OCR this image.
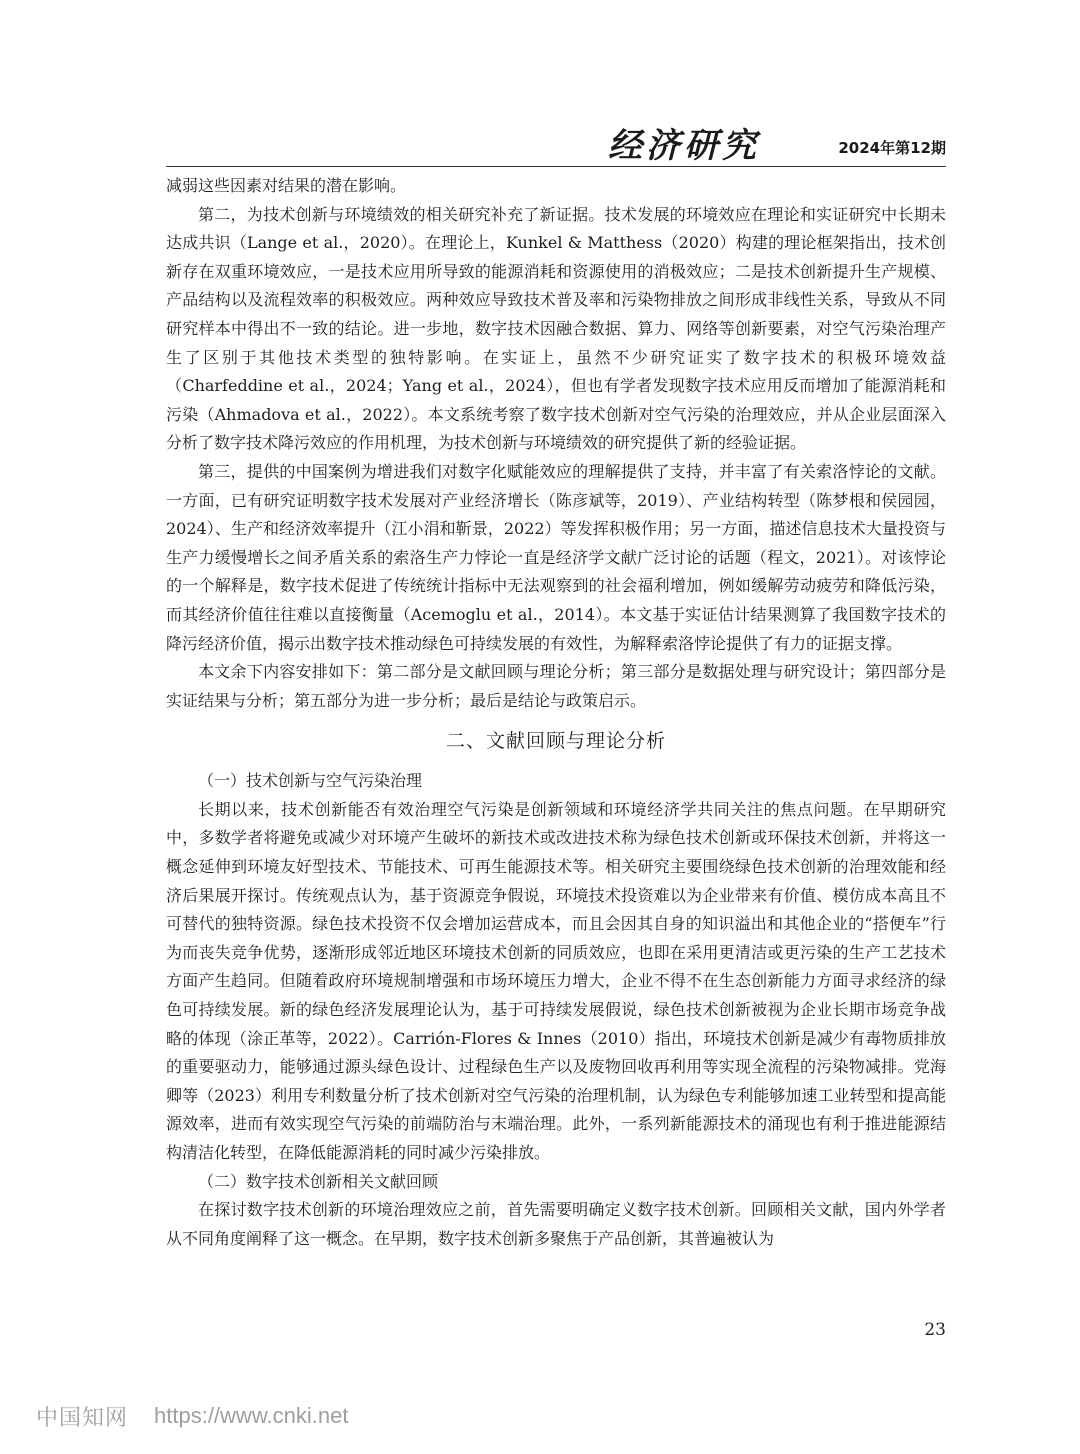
经济研究	2024年第12期

减弱这些因素对结果的潜在影响。

第二，为技术创新与环境绩效的相关研究补充了新证据。技术发展的环境效应在理论和实证研究中长期未达成共识（Lange et al.，2020）。在理论上，Kunkel & Matthess（2020）构建的理论框架指出，技术创新存在双重环境效应，一是技术应用所导致的能源消耗和资源使用的消极效应；二是技术创新提升生产规模、产品结构以及流程效率的积极效应。两种效应导致技术普及率和污染物排放之间形成非线性关系，导致从不同研究样本中得出不一致的结论。进一步地，数字技术因融合数据、算力、网络等创新要素，对空气污染治理产生了区别于其他技术类型的独特影响。在实证上，虽然不少研究证实了数字技术的积极环境效益（Charfeddine et al.，2024；Yang et al.，2024），但也有学者发现数字技术应用反而增加了能源消耗和污染（Ahmadova et al.，2022）。本文系统考察了数字技术创新对空气污染的治理效应，并从企业层面深入分析了数字技术降污效应的作用机理，为技术创新与环境绩效的研究提供了新的经验证据。

第三，提供的中国案例为增进我们对数字化赋能效应的理解提供了支持，并丰富了有关索洛悖论的文献。一方面，已有研究证明数字技术发展对产业经济增长（陈彦斌等，2019）、产业结构转型（陈梦根和侯园园，2024）、生产和经济效率提升（江小涓和靳景，2022）等发挥积极作用；另一方面，描述信息技术大量投资与生产力缓慢增长之间矛盾关系的索洛生产力悖论一直是经济学文献广泛讨论的话题（程文，2021）。对该悖论的一个解释是，数字技术促进了传统统计指标中无法观察到的社会福利增加，例如缓解劳动疲劳和降低污染，而其经济价值往往难以直接衡量（Acemoglu et al.，2014）。本文基于实证估计结果测算了我国数字技术的降污经济价值，揭示出数字技术推动绿色可持续发展的有效性，为解释索洛悖论提供了有力的证据支撑。

本文余下内容安排如下：第二部分是文献回顾与理论分析；第三部分是数据处理与研究设计；第四部分是实证结果与分析；第五部分为进一步分析；最后是结论与政策启示。

二、文献回顾与理论分析

（一）技术创新与空气污染治理

长期以来，技术创新能否有效治理空气污染是创新领域和环境经济学共同关注的焦点问题。在早期研究中，多数学者将避免或减少对环境产生破坏的新技术或改进技术称为绿色技术创新或环保技术创新，并将这一概念延伸到环境友好型技术、节能技术、可再生能源技术等。相关研究主要围绕绿色技术创新的治理效能和经济后果展开探讨。传统观点认为，基于资源竞争假说，环境技术投资难以为企业带来有价值、模仿成本高且不可替代的独特资源。绿色技术投资不仅会增加运营成本，而且会因其自身的知识溢出和其他企业的“搭便车”行为而丧失竞争优势，逐渐形成邻近地区环境技术创新的同质效应，也即在采用更清洁或更污染的生产工艺技术方面产生趋同。但随着政府环境规制增强和市场环境压力增大，企业不得不在生态创新能力方面寻求经济的绿色可持续发展。新的绿色经济发展理论认为，基于可持续发展假说，绿色技术创新被视为企业长期市场竞争战略的体现（涂正革等，2022）。Carrión-Flores & Innes（2010）指出，环境技术创新是减少有毒物质排放的重要驱动力，能够通过源头绿色设计、过程绿色生产以及废物回收再利用等实现全流程的污染物减排。党海卿等（2023）利用专利数量分析了技术创新对空气污染的治理机制，认为绿色专利能够加速工业转型和提高能源效率，进而有效实现空气污染的前端防治与末端治理。此外，一系列新能源技术的涌现也有利于推进能源结构清洁化转型，在降低能源消耗的同时减少污染排放。

（二）数字技术创新相关文献回顾

在探讨数字技术创新的环境治理效应之前，首先需要明确定义数字技术创新。回顾相关文献，国内外学者从不同角度阐释了这一概念。在早期，数字技术创新多聚焦于产品创新，其普遍被认为

23
中国知网 https://www.cnki.net
